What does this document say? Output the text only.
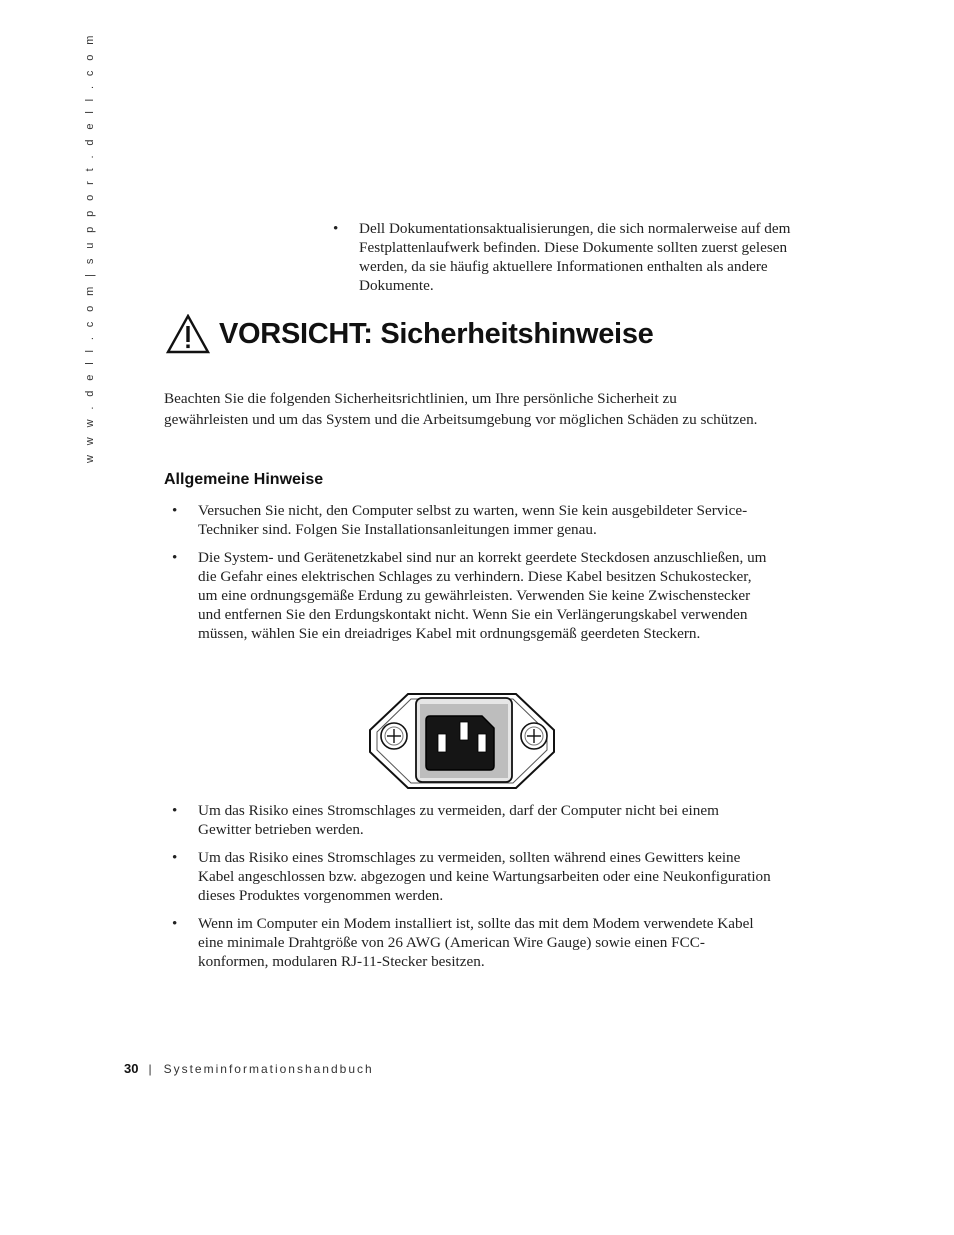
w w w . d e l l . c o m | s u p p o r t . d e l l . c o m	• Dell Dokumentationsaktualisierungen, die sich normalerweise auf dem Festplattenlaufwerk befinden. Diese Dokumente sollten zuerst gelesen werden, da sie häufig aktuellere Informationen enthalten als andere Dokumente.
VORSICHT: Sicherheitshinweise

Beachten Sie die folgenden Sicherheitsrichtlinien, um Ihre persönliche Sicherheit zu gewährleisten und um das System und die Arbeitsumgebung vor möglichen Schäden zu schützen.

Allgemeine Hinweise
• Versuchen Sie nicht, den Computer selbst zu warten, wenn Sie kein ausgebildeter Service-Techniker sind. Folgen Sie Installationsanleitungen immer genau.
• Die System- und Gerätenetzkabel sind nur an korrekt geerdete Steckdosen anzuschließen, um die Gefahr eines elektrischen Schlages zu verhindern. Diese Kabel besitzen Schukostecker, um eine ordnungsgemäße Erdung zu gewährleisten. Verwenden Sie keine Zwischenstecker und entfernen Sie den Erdungskontakt nicht. Wenn Sie ein Verlängerungskabel verwenden müssen, wählen Sie ein dreiadriges Kabel mit ordnungsgemäß geerdeten Steckern.
• Um das Risiko eines Stromschlages zu vermeiden, darf der Computer nicht bei einem Gewitter betrieben werden.
• Um das Risiko eines Stromschlages zu vermeiden, sollten während eines Gewitters keine Kabel angeschlossen bzw. abgezogen und keine Wartungsarbeiten oder eine Neukonfiguration dieses Produktes vorgenommen werden.
• Wenn im Computer ein Modem installiert ist, sollte das mit dem Modem verwendete Kabel eine minimale Drahtgröße von 26 AWG (American Wire Gauge) sowie einen FCC-konformen, modularen RJ-11-Stecker besitzen.
30 | Systeminformationshandbuch
